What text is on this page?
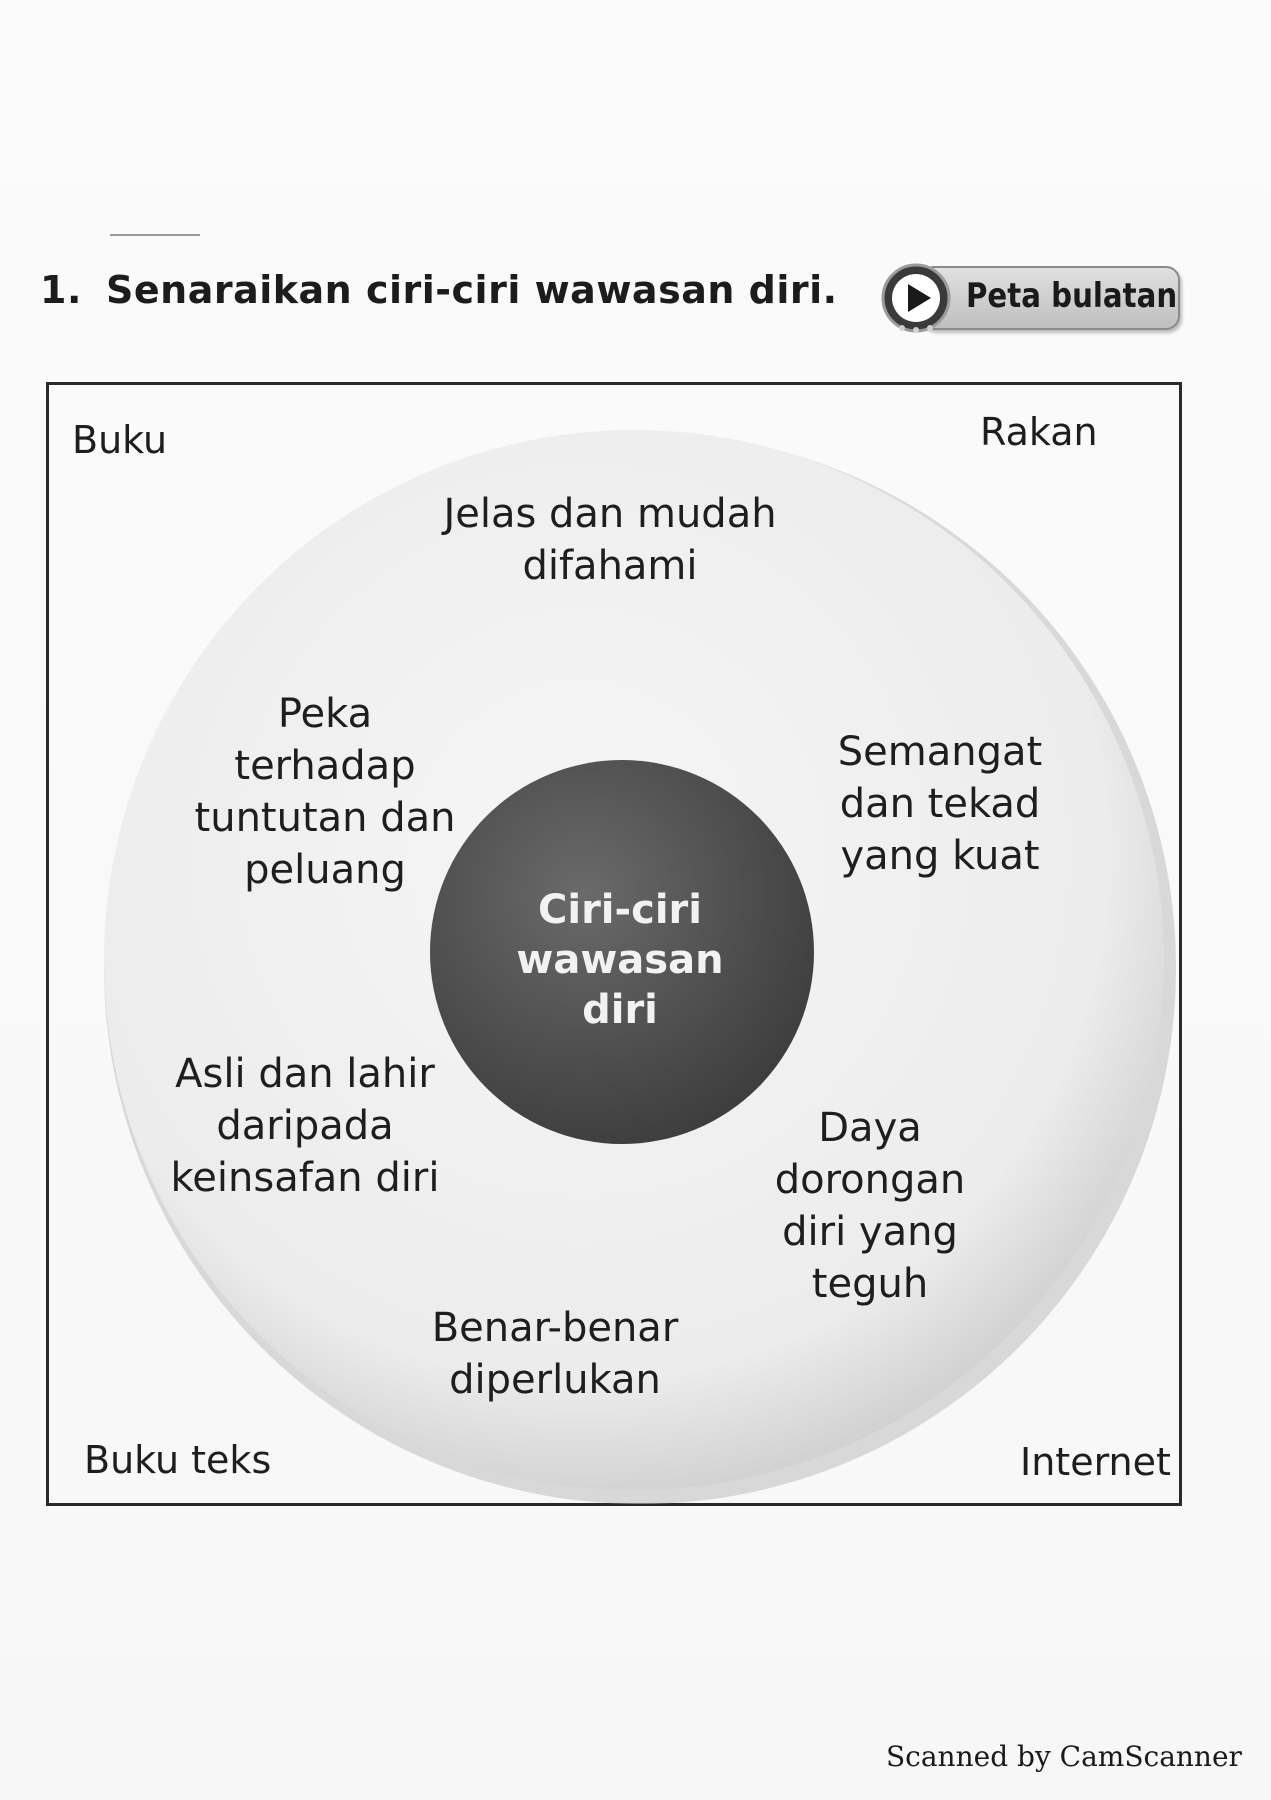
1. Senaraikan ciri-ciri wawasan diri.	Peta bulatan
Ciri-ciri
wawasan
diri
Jelas dan mudah
difahami
Semangat
dan tekad
yang kuat
Daya
dorongan
diri yang
teguh
Benar-benar
diperlukan
Asli dan lahir
daripada
keinsafan diri
Peka
terhadap
tuntutan dan
peluang
Buku	Rakan
Buku teks	Internet
Scanned by CamScanner
